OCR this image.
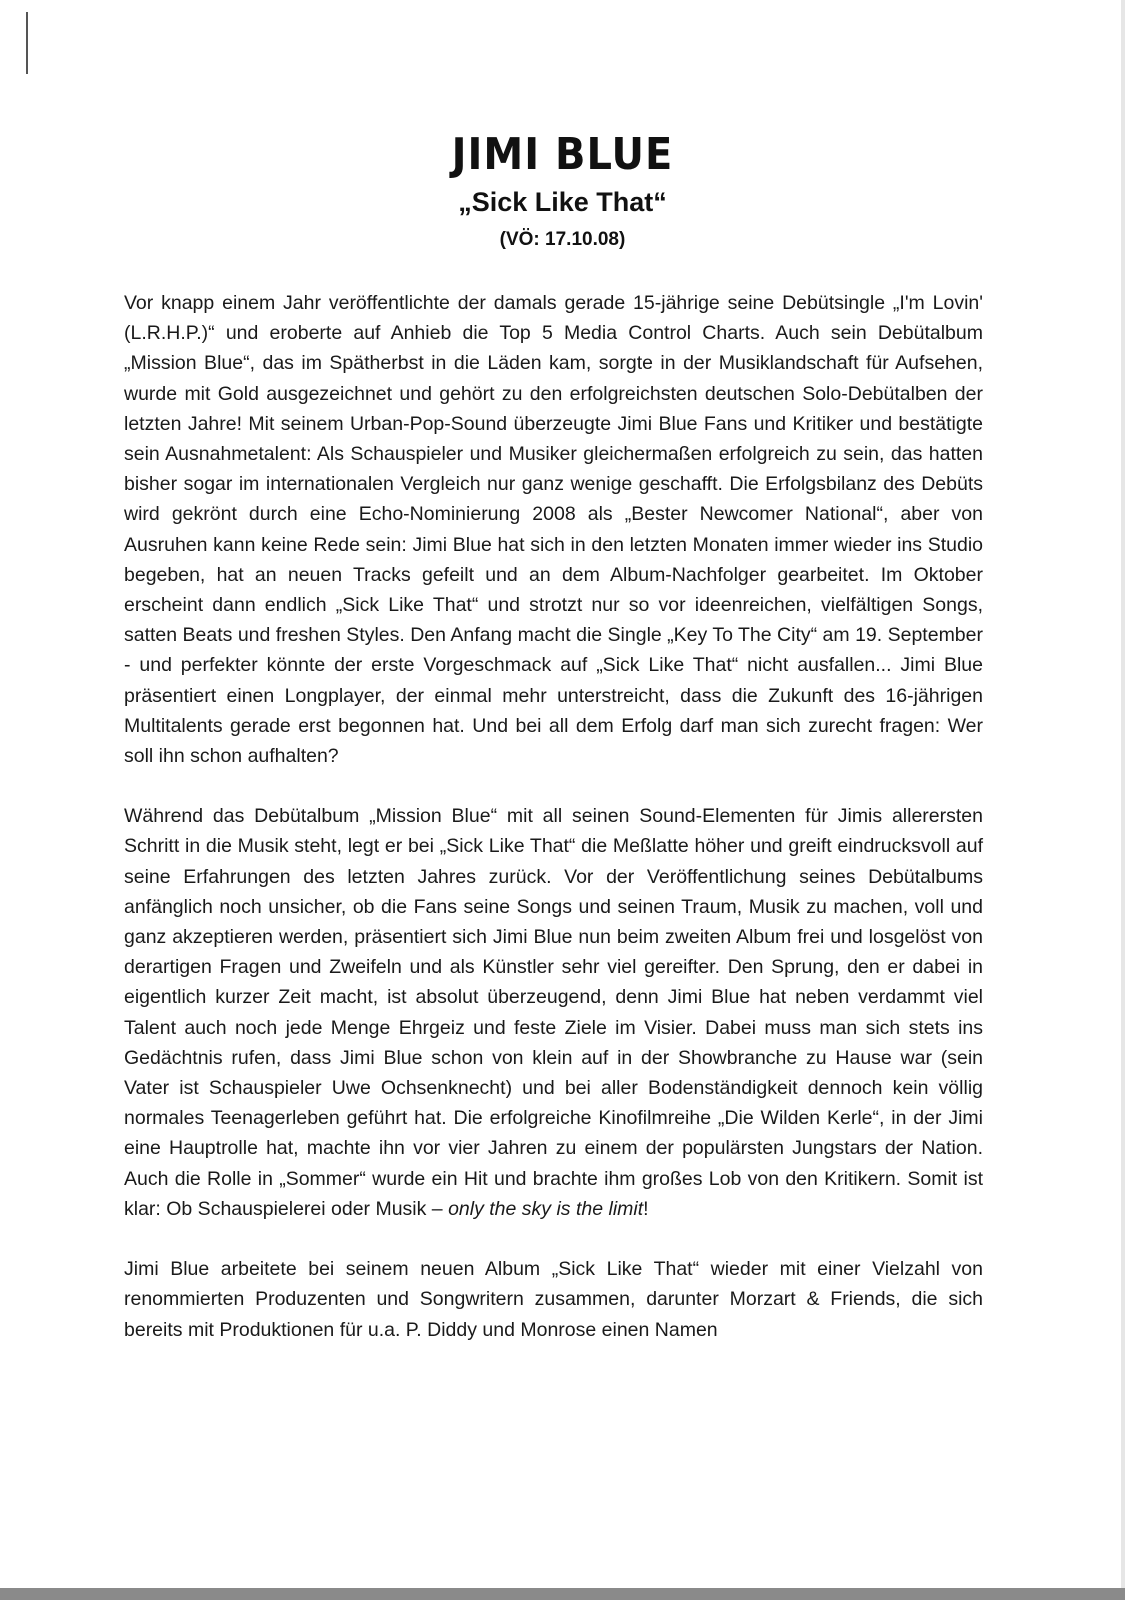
JIMI BLUE
„Sick Like That“
(VÖ: 17.10.08)

Vor knapp einem Jahr veröffentlichte der damals gerade 15-jährige seine Debütsingle „I'm Lovin' (L.R.H.P.)“ und eroberte auf Anhieb die Top 5 Media Control Charts. Auch sein Debütalbum „Mission Blue“, das im Spätherbst in die Läden kam, sorgte in der Musiklandschaft für Aufsehen, wurde mit Gold ausgezeichnet und gehört zu den erfolgreichsten deutschen Solo-Debütalben der letzten Jahre! Mit seinem Urban-Pop-Sound überzeugte Jimi Blue Fans und Kritiker und bestätigte sein Ausnahmetalent: Als Schauspieler und Musiker gleichermaßen erfolgreich zu sein, das hatten bisher sogar im internationalen Vergleich nur ganz wenige geschafft. Die Erfolgsbilanz des Debüts wird gekrönt durch eine Echo-Nominierung 2008 als „Bester Newcomer National“, aber von Ausruhen kann keine Rede sein: Jimi Blue hat sich in den letzten Monaten immer wieder ins Studio begeben, hat an neuen Tracks gefeilt und an dem Album-Nachfolger gearbeitet. Im Oktober erscheint dann endlich „Sick Like That“ und strotzt nur so vor ideenreichen, vielfältigen Songs, satten Beats und freshen Styles. Den Anfang macht die Single „Key To The City“ am 19. September - und perfekter könnte der erste Vorgeschmack auf „Sick Like That“ nicht ausfallen... Jimi Blue präsentiert einen Longplayer, der einmal mehr unterstreicht, dass die Zukunft des 16-jährigen Multitalents gerade erst begonnen hat. Und bei all dem Erfolg darf man sich zurecht fragen: Wer soll ihn schon aufhalten?

Während das Debütalbum „Mission Blue“ mit all seinen Sound-Elementen für Jimis allerersten Schritt in die Musik steht, legt er bei „Sick Like That“ die Meßlatte höher und greift eindrucksvoll auf seine Erfahrungen des letzten Jahres zurück. Vor der Veröffentlichung seines Debütalbums anfänglich noch unsicher, ob die Fans seine Songs und seinen Traum, Musik zu machen, voll und ganz akzeptieren werden, präsentiert sich Jimi Blue nun beim zweiten Album frei und losgelöst von derartigen Fragen und Zweifeln und als Künstler sehr viel gereifter. Den Sprung, den er dabei in eigentlich kurzer Zeit macht, ist absolut überzeugend, denn Jimi Blue hat neben verdammt viel Talent auch noch jede Menge Ehrgeiz und feste Ziele im Visier. Dabei muss man sich stets ins Gedächtnis rufen, dass Jimi Blue schon von klein auf in der Showbranche zu Hause war (sein Vater ist Schauspieler Uwe Ochsenknecht) und bei aller Bodenständigkeit dennoch kein völlig normales Teenagerleben geführt hat. Die erfolgreiche Kinofilmreihe „Die Wilden Kerle“, in der Jimi eine Hauptrolle hat, machte ihn vor vier Jahren zu einem der populärsten Jungstars der Nation. Auch die Rolle in „Sommer“ wurde ein Hit und brachte ihm großes Lob von den Kritikern. Somit ist klar: Ob Schauspielerei oder Musik – only the sky is the limit!

Jimi Blue arbeitete bei seinem neuen Album „Sick Like That“ wieder mit einer Vielzahl von renommierten Produzenten und Songwritern zusammen, darunter Morzart & Friends, die sich bereits mit Produktionen für u.a. P. Diddy und Monrose einen Namen
